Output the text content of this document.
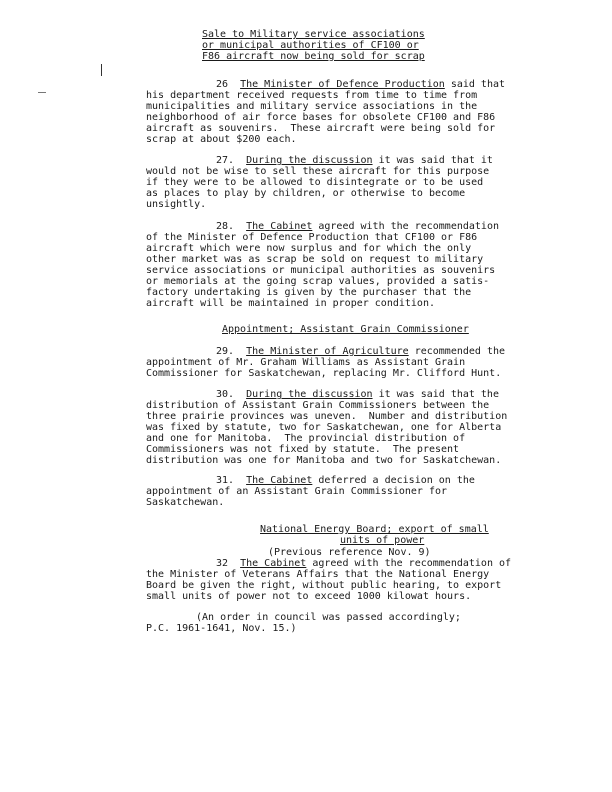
Sale to Military service associations
or municipal authorities of CF100 or
F86 aircraft now being sold for scrap
26 The Minister of Defence Production said that
his department received requests from time to time from
municipalities and military service associations in the
neighborhood of air force bases for obsolete CF100 and F86
aircraft as souvenirs.  These aircraft were being sold for
scrap at about $200 each.
27. During the discussion it was said that it
would not be wise to sell these aircraft for this purpose
if they were to be allowed to disintegrate or to be used
as places to play by children, or otherwise to become
unsightly.
28. The Cabinet agreed with the recommendation
of the Minister of Defence Production that CF100 or F86
aircraft which were now surplus and for which the only
other market was as scrap be sold on request to military
service associations or municipal authorities as souvenirs
or memorials at the going scrap values, provided a satis-
factory undertaking is given by the purchaser that the
aircraft will be maintained in proper condition.
Appointment; Assistant Grain Commissioner
29. The Minister of Agriculture recommended the
appointment of Mr. Graham Williams as Assistant Grain
Commissioner for Saskatchewan, replacing Mr. Clifford Hunt.
30. During the discussion it was said that the
distribution of Assistant Grain Commissioners between the
three prairie provinces was uneven.  Number and distribution
was fixed by statute, two for Saskatchewan, one for Alberta
and one for Manitoba.  The provincial distribution of
Commissioners was not fixed by statute.  The present
distribution was one for Manitoba and two for Saskatchewan.
31. The Cabinet deferred a decision on the
appointment of an Assistant Grain Commissioner for
Saskatchewan.
National Energy Board; export of small
units of power
(Previous reference Nov. 9)
32 The Cabinet agreed with the recommendation of
the Minister of Veterans Affairs that the National Energy
Board be given the right, without public hearing, to export
small units of power not to exceed 1000 kilowat hours.
(An order in council was passed accordingly;
P.C. 1961-1641, Nov. 15.)
